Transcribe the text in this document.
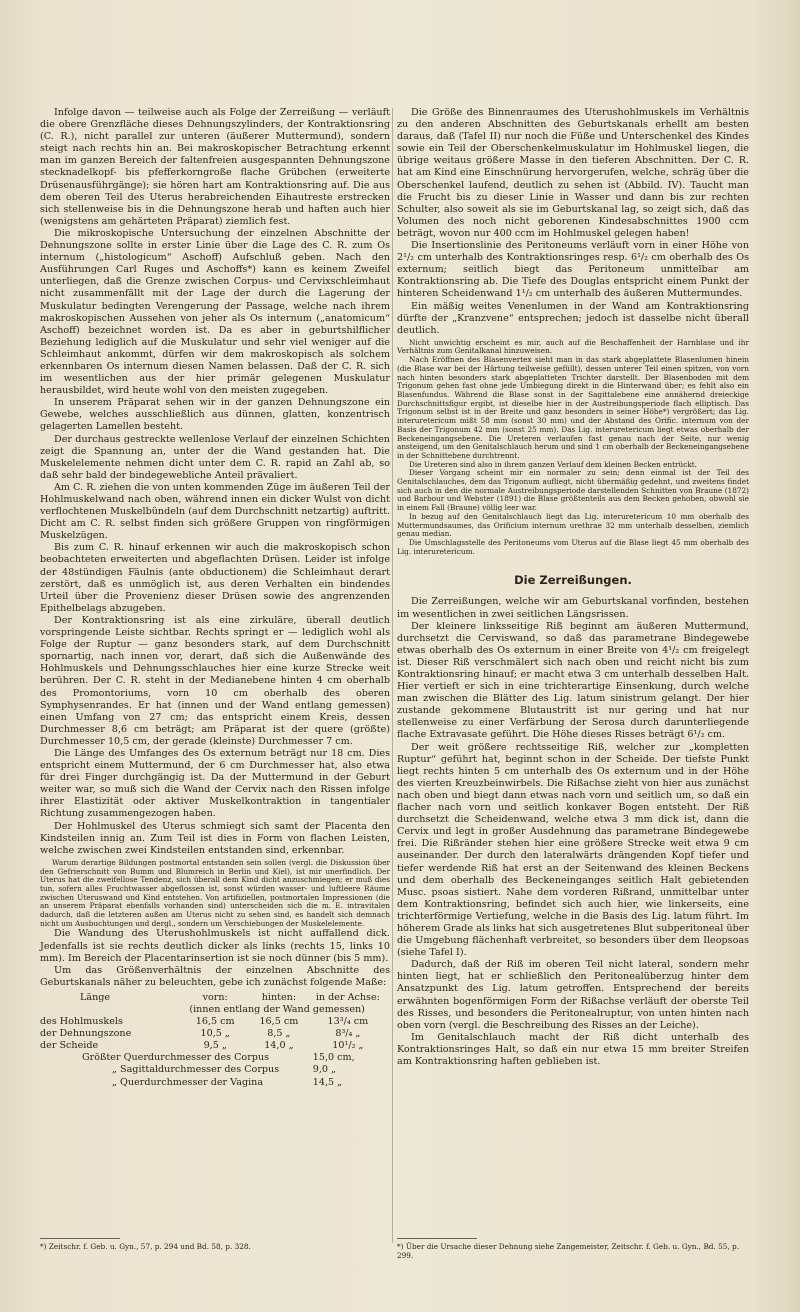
Infolge davon — teilweise auch als Folge der Zerreißung — verläuft die obere Grenzfläche dieses Dehnungszylinders, der Kontraktionsring (C. R.), nicht parallel zur unteren (äußerer Muttermund), sondern steigt nach rechts hin an. Bei makroskopischer Betrachtung erkennt man im ganzen Bereich der faltenfreien ausgespannten Dehnungszone stecknadelkopf- bis pfefferkorngroße flache Grübchen (erweiterte Drüsenausführgänge); sie hören hart am Kontraktionsring auf. Die aus dem oberen Teil des Uterus herabreichenden Eihautreste erstrecken sich stellenweise bis in die Dehnungszone herab und haften auch hier (wenigstens am gehärteten Präparat) ziemlich fest.

Die mikroskopische Untersuchung der einzelnen Abschnitte der Dehnungszone sollte in erster Linie über die Lage des C. R. zum Os internum („histologicum“ Aschoff) Aufschluß geben. Nach den Ausführungen Carl Ruges und Aschoffs*) kann es keinem Zweifel unterliegen, daß die Grenze zwischen Corpus- und Cervixschleimhaut nicht zusammenfällt mit der Lage der durch die Lagerung der Muskulatur bedingten Verengerung der Passage, welche nach ihrem makroskopischen Aussehen von jeher als Os internum („anatomicum“ Aschoff) bezeichnet worden ist. Da es aber in geburtshilflicher Beziehung lediglich auf die Muskulatur und sehr viel weniger auf die Schleimhaut ankommt, dürfen wir dem makroskopisch als solchem erkennbaren Os internum diesen Namen belassen. Daß der C. R. sich im wesentlichen aus der hier primär gelegenen Muskulatur herausbildet, wird heute wohl von den meisten zugegeben.

In unserem Präparat sehen wir in der ganzen Dehnungszone ein Gewebe, welches ausschließlich aus dünnen, glatten, konzentrisch gelagerten Lamellen besteht.

Der durchaus gestreckte wellenlose Verlauf der einzelnen Schichten zeigt die Spannung an, unter der die Wand gestanden hat. Die Muskelelemente nehmen dicht unter dem C. R. rapid an Zahl ab, so daß sehr bald der bindegewebliche Anteil prävaliert.

Am C. R. ziehen die von unten kommenden Züge im äußeren Teil der Hohlmuskelwand nach oben, während innen ein dicker Wulst von dicht verflochtenen Muskelbündeln (auf dem Durchschnitt netzartig) auftritt. Dicht am C. R. selbst finden sich größere Gruppen von ringförmigen Muskelzügen.

Bis zum C. R. hinauf erkennen wir auch die makroskopisch schon beobachteten erweiterten und abgeflachten Drüsen. Leider ist infolge der 48stündigen Fäulnis (ante obductionem) die Schleimhaut derart zerstört, daß es unmöglich ist, aus deren Verhalten ein bindendes Urteil über die Provenienz dieser Drüsen sowie des angrenzenden Epithelbelags abzugeben.

Der Kontraktionsring ist als eine zirkuläre, überall deutlich vorspringende Leiste sichtbar. Rechts springt er — lediglich wohl als Folge der Ruptur — ganz besonders stark, auf dem Durchschnitt spornartig, nach innen vor, derart, daß sich die Außenwände des Hohlmuskels und Dehnungsschlauches hier eine kurze Strecke weit berühren. Der C. R. steht in der Medianebene hinten 4 cm oberhalb des Promontoriums, vorn 10 cm oberhalb des oberen Symphysenrandes. Er hat (innen und der Wand entlang gemessen) einen Umfang von 27 cm; das entspricht einem Kreis, dessen Durchmesser 8,6 cm beträgt; am Präparat ist der quere (größte) Durchmesser 10,5 cm, der gerade (kleinste) Durchmesser 7 cm.

Die Länge des Umfanges des Os externum beträgt nur 18 cm. Dies entspricht einem Muttermund, der 6 cm Durchmesser hat, also etwa für drei Finger durchgängig ist. Da der Muttermund in der Geburt weiter war, so muß sich die Wand der Cervix nach den Rissen infolge ihrer Elastizität oder aktiver Muskelkontraktion in tangentialer Richtung zusammengezogen haben.

Der Hohlmuskel des Uterus schmiegt sich samt der Placenta den Kindsteilen innig an. Zum Teil ist dies in Form von flachen Leisten, welche zwischen zwei Kindsteilen entstanden sind, erkennbar.

Warum derartige Bildungen postmortal entstanden sein sollen (vergl. die Diskussion über den Gefrierschnitt von Bumm und Blumreich in Berlin und Kiel), ist mir unerfindlich. Der Uterus hat die zweifellose Tendenz, sich überall dem Kind dicht anzuschmiegen; er muß dies tun, sofern alles Fruchtwasser abgeflossen ist, sonst würden wasser- und luftleere Räume zwischen Uteruswand und Kind entstehen. Von artifiziellen, postmortalen Impressionen (die an unserem Präparat ebenfalls vorhanden sind) unterscheiden sich die m. E. intravitalen dadurch, daß die letzteren außen am Uterus nicht zu sehen sind, es handelt sich demnach nicht um Ausbuchtungen und dergl., sondern um Verschiebungen der Muskelelemente.

Die Wandung des Uterushohlmuskels ist nicht auffallend dick. Jedenfalls ist sie rechts deutlich dicker als links (rechts 15, links 10 mm). Im Bereich der Placentarinsertion ist sie noch dünner (bis 5 mm).

Um das Größenverhältnis der einzelnen Abschnitte des Geburtskanals näher zu beleuchten, gebe ich zunächst folgende Maße:

Länge	vorn:	hinten:	in der Achse:
	(innen entlang der Wand gemessen)		
des Hohlmuskels	16,5 cm	16,5 cm	13³/₄ cm
der Dehnungszone	10,5 „	8,5 „	8³/₄ „
der Scheide	9,5 „	14,0 „	10¹/₂ „
Größter Querdurchmesser des Corpus			15,0 cm,
„ Sagittaldurchmesser des Corpus			9,0 „
„ Querdurchmesser der Vagina			14,5 „

Die Größe des Binnenraumes des Uterushohlmuskels im Verhältnis zu den anderen Abschnitten des Geburtskanals erhellt am besten daraus, daß (Tafel II) nur noch die Füße und Unterschenkel des Kindes sowie ein Teil der Oberschenkelmuskulatur im Hohlmuskel liegen, die übrige weitaus größere Masse in den tieferen Abschnitten. Der C. R. hat am Kind eine Einschnürung hervorgerufen, welche, schräg über die Oberschenkel laufend, deutlich zu sehen ist (Abbild. IV). Taucht man die Frucht bis zu dieser Linie in Wasser und dann bis zur rechten Schulter, also soweit als sie im Geburtskanal lag, so zeigt sich, daß das Volumen des noch nicht geborenen Kindesabschnittes 1900 ccm beträgt, wovon nur 400 ccm im Hohlmuskel gelegen haben!

Die Insertionslinie des Peritoneums verläuft vorn in einer Höhe von 2¹/₂ cm unterhalb des Kontraktionsringes resp. 6¹/₂ cm oberhalb des Os externum; seitlich biegt das Peritoneum unmittelbar am Kontraktionsring ab. Die Tiefe des Douglas entspricht einem Punkt der hinteren Scheidenwand 1¹/₂ cm unterhalb des äußeren Muttermundes.

Ein mäßig weites Venenlumen in der Wand am Kontraktionsring dürfte der „Kranzvene“ entsprechen; jedoch ist dasselbe nicht überall deutlich.

Nicht unwichtig erscheint es mir, auch auf die Beschaffenheit der Harnblase und ihr Verhältnis zum Genitalkanal hinzuweisen.

Nach Eröffnen des Blasenvertex sieht man in das stark abgeplattete Blasenlumen hinein (die Blase war bei der Härtung teilweise gefüllt), dessen unterer Teil einen spitzen, von vorn nach hinten besonders stark abgeplatteten Trichter darstellt. Der Blasenboden mit dem Trigonum gehen fast ohne jede Umbiegung direkt in die Hinterwand über; es fehlt also ein Blasenfundus. Während die Blase sonst in der Sagittalebene eine annähernd dreieckige Durchschnittsfigur ergibt, ist dieselbe hier in der Austreibungsperiode flach elliptisch. Das Trigonum selbst ist in der Breite und ganz besonders in seiner Höhe*) vergrößert; das Lig. interuretericum mißt 58 mm (sonst 30 mm) und der Abstand des Orific. internum von der Basis der Trigonum 42 mm (sonst 25 mm). Das Lig. interuretericum liegt etwas oberhalb der Beckeneingangsebene. Die Ureteren verlaufen fast genau nach der Seite, nur wenig ansteigend, um den Genitalschlauch herum und sind 1 cm oberhalb der Beckeneingangsebene in der Schnittebene durchtrennt.

Die Ureteren sind also in ihrem ganzen Verlauf dem kleinen Becken entrückt.

Dieser Vorgang scheint mir ein normaler zu sein; denn einmal ist der Teil des Genitalschlauches, dem das Trigonum aufliegt, nicht übermäßig gedehnt, und zweitens findet sich auch in den die normale Austreibungsperiode darstellenden Schnitten von Braune (1872) und Barbour und Webster (1891) die Blase größtenteils aus dem Becken gehoben, obwohl sie in einem Fall (Braune) völlig leer war.

In bezug auf den Genitalschlauch liegt das Lig. interuretericum 10 mm oberhalb des Muttermundsaumes, das Orificium internum urethrae 32 mm unterhalb desselben, ziemlich genau median.

Die Umschlagsstelle des Peritoneums vom Uterus auf die Blase liegt 45 mm oberhalb des Lig. interuretericum.

Die Zerreißungen.

Die Zerreißungen, welche wir am Geburtskanal vorfinden, bestehen im wesentlichen in zwei seitlichen Längsrissen.

Der kleinere linksseitige Riß beginnt am äußeren Muttermund, durchsetzt die Cerviswand, so daß das parametrane Bindegewebe etwas oberhalb des Os externum in einer Breite von 4¹/₂ cm freigelegt ist. Dieser Riß verschmälert sich nach oben und reicht nicht bis zum Kontraktionsring hinauf; er macht etwa 3 cm unterhalb desselben Halt. Hier vertieft er sich in eine trichterartige Einsenkung, durch welche man zwischen die Blätter des Lig. latum sinistrum gelangt. Der hier zustande gekommene Blutaustritt ist nur gering und hat nur stellenweise zu einer Verfärbung der Serosa durch darunterliegende flache Extravasate geführt. Die Höhe dieses Risses beträgt 6¹/₂ cm.

Der weit größere rechtsseitige Riß, welcher zur „kompletten Ruptur“ geführt hat, beginnt schon in der Scheide. Der tiefste Punkt liegt rechts hinten 5 cm unterhalb des Os externum und in der Höhe des vierten Kreuzbeinwirbels. Die Rißachse zieht von hier aus zunächst nach oben und biegt dann etwas nach vorn und seitlich um, so daß ein flacher nach vorn und seitlich konkaver Bogen entsteht. Der Riß durchsetzt die Scheidenwand, welche etwa 3 mm dick ist, dann die Cervix und legt in großer Ausdehnung das parametrane Bindegewebe frei. Die Rißränder stehen hier eine größere Strecke weit etwa 9 cm auseinander. Der durch den lateralwärts drängenden Kopf tiefer und tiefer werdende Riß hat erst an der Seitenwand des kleinen Beckens und dem oberhalb des Beckeneinganges seitlich Halt gebietenden Musc. psoas sistiert. Nahe dem vorderen Rißrand, unmittelbar unter dem Kontraktionsring, befindet sich auch hier, wie linkerseits, eine trichterförmige Vertiefung, welche in die Basis des Lig. latum führt. Im höherem Grade als links hat sich ausgetretenes Blut subperitoneal über die Umgebung flächenhaft verbreitet, so besonders über dem Ileopsoas (siehe Tafel I).

Dadurch, daß der Riß im oberen Teil nicht lateral, sondern mehr hinten liegt, hat er schließlich den Peritonealüberzug hinter dem Ansatzpunkt des Lig. latum getroffen. Entsprechend der bereits erwähnten bogenförmigen Form der Rißachse verläuft der oberste Teil des Risses, und besonders die Peritonealruptur, von unten hinten nach oben vorn (vergl. die Beschreibung des Risses an der Leiche).

Im Genitalschlauch macht der Riß dicht unterhalb des Kontraktionsringes Halt, so daß ein nur etwa 15 mm breiter Streifen am Kontraktionsring haften geblieben ist.

*) Zeitschr. f. Geb. u. Gyn., 57, p. 294 und Bd. 58, p. 328.	*) Über die Ursache dieser Dehnung siehe Zangemeister, Zeitschr. f. Geb. u. Gyn., Bd. 55, p. 299.
